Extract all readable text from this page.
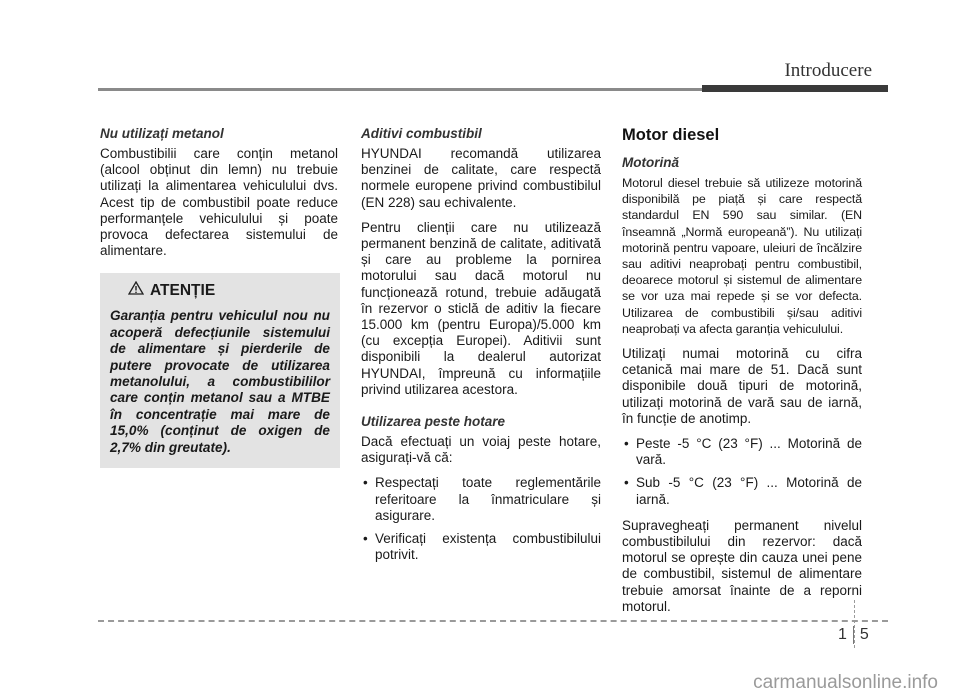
Introducere
Nu utilizați metanol

Combustibilii care conțin metanol (alcool obținut din lemn) nu trebuie utilizați la alimentarea vehiculului dvs. Acest tip de combustibil poate reduce performanțele vehiculului și poate provoca defectarea sistemului de alimentare.

ATENȚIE

Garanția pentru vehiculul nou nu acoperă defecțiunile sistemului de alimentare și pierderile de putere provocate de utilizarea metanolului, a combustibililor care conțin metanol sau a MTBE în concentrație mai mare de 15,0% (conținut de oxigen de 2,7% din greutate).

Aditivi combustibil

HYUNDAI recomandă utilizarea benzinei de calitate, care respectă normele europene privind combustibilul (EN 228) sau echivalente.

Pentru clienții care nu utilizează permanent benzină de calitate, aditivată și care au probleme la pornirea motorului sau dacă motorul nu funcționează rotund, trebuie adăugată în rezervor o sticlă de aditiv la fiecare 15.000 km (pentru Europa)/5.000 km (cu excepția Europei). Aditivii sunt disponibili la dealerul autorizat HYUNDAI, împreună cu informațiile privind utilizarea acestora.

Utilizarea peste hotare

Dacă efectuați un voiaj peste hotare, asigurați-vă că:

• Respectați toate reglementările referitoare la înmatriculare și asigurare.
• Verificați existența combustibilului potrivit.
Motor diesel
Motorină

Motorul diesel trebuie să utilizeze motorină disponibilă pe piață și care respectă standardul EN 590 sau similar. (EN înseamnă „Normă europeană”). Nu utilizați motorină pentru vapoare, uleiuri de încălzire sau aditivi neaprobați pentru combustibil, deoarece motorul și sistemul de alimentare se vor uza mai repede și se vor defecta. Utilizarea de combustibili și/sau aditivi neaprobați va afecta garanția vehiculului.

Utilizați numai motorină cu cifra cetanică mai mare de 51. Dacă sunt disponibile două tipuri de motorină, utilizați motorină de vară sau de iarnă, în funcție de anotimp.

• Peste -5 °C (23 °F) ... Motorină de vară.
• Sub -5 °C (23 °F) ... Motorină de iarnă.

Supravegheați permanent nivelul combustibilului din rezervor: dacă motorul se oprește din cauza unei pene de combustibil, sistemul de alimentare trebuie amorsat înainte de a reporni motorul.

1 5
carmanualsonline.info
